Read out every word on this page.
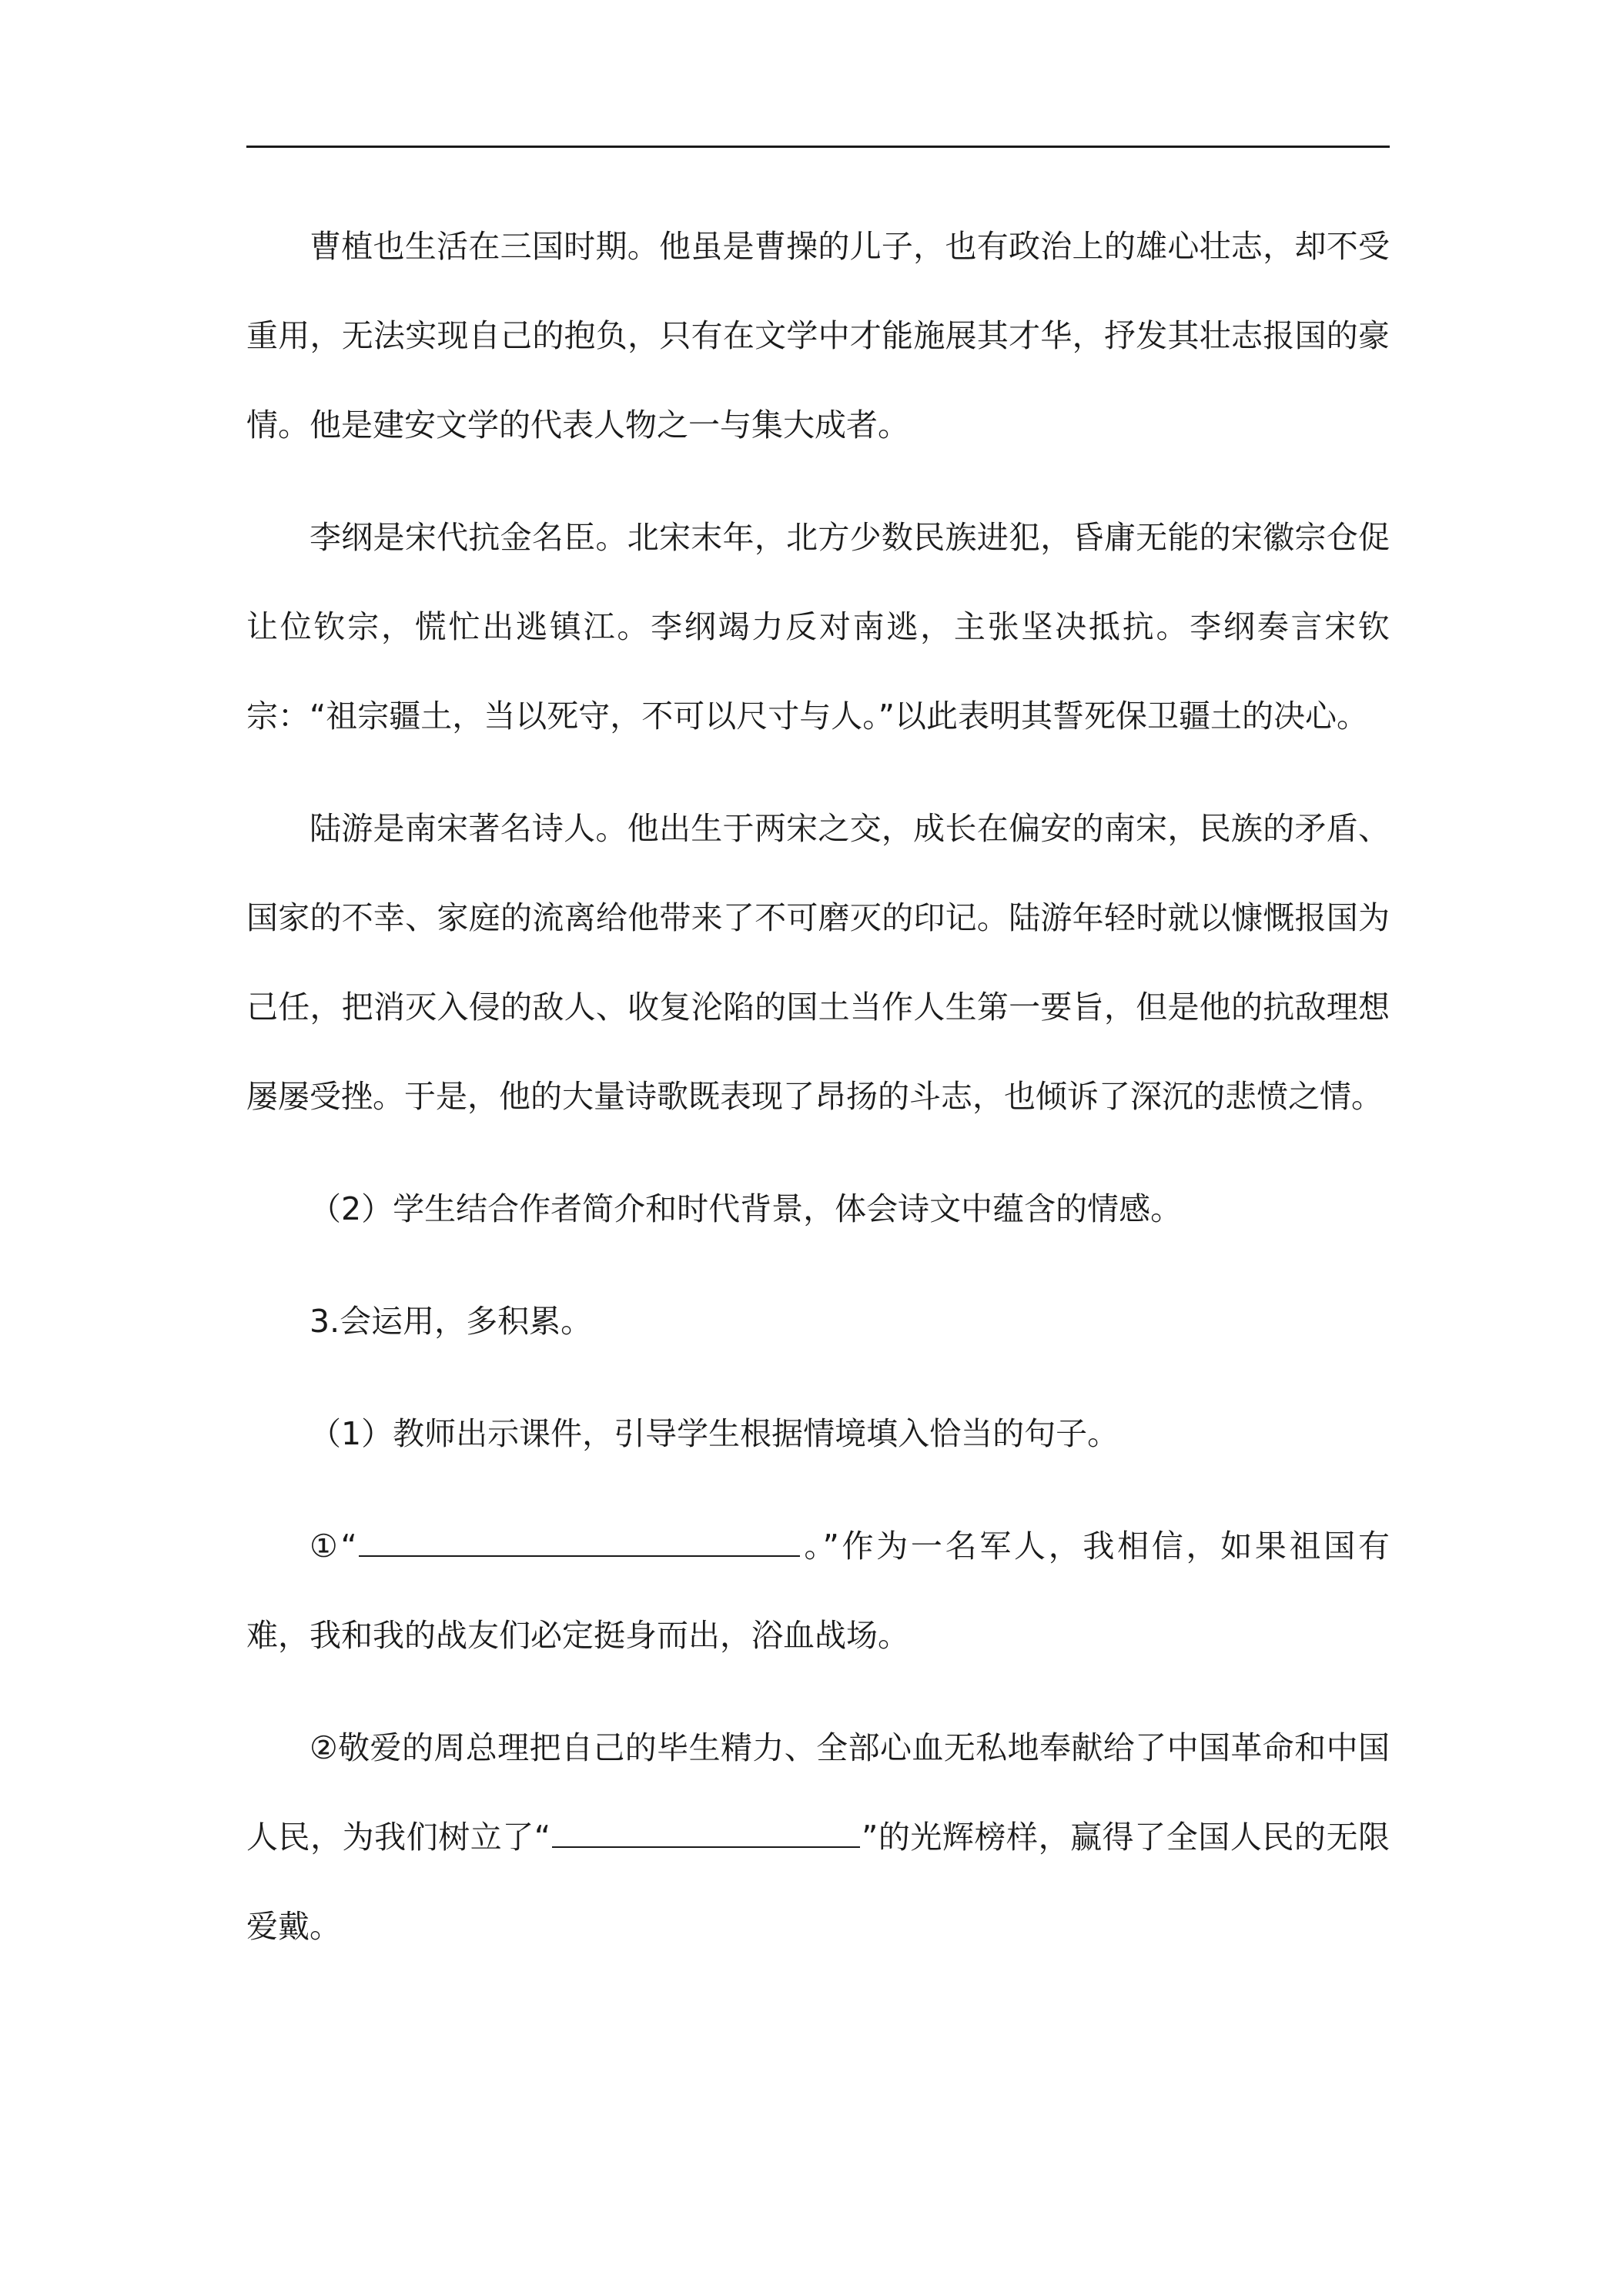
曹植也生活在三国时期。他虽是曹操的儿子，也有政治上的雄心壮志，却不受重用，无法实现自己的抱负，只有在文学中才能施展其才华，抒发其壮志报国的豪情。他是建安文学的代表人物之一与集大成者。

李纲是宋代抗金名臣。北宋末年，北方少数民族进犯，昏庸无能的宋徽宗仓促让位钦宗，慌忙出逃镇江。李纲竭力反对南逃，主张坚决抵抗。李纲奏言宋钦宗：“祖宗疆土，当以死守，不可以尺寸与人。”以此表明其誓死保卫疆土的决心。

陆游是南宋著名诗人。他出生于两宋之交，成长在偏安的南宋，民族的矛盾、国家的不幸、家庭的流离给他带来了不可磨灭的印记。陆游年轻时就以慷慨报国为己任，把消灭入侵的敌人、收复沦陷的国土当作人生第一要旨，但是他的抗敌理想屡屡受挫。于是，他的大量诗歌既表现了昂扬的斗志，也倾诉了深沉的悲愤之情。

（2）学生结合作者简介和时代背景，体会诗文中蕴含的情感。

3.会运用，多积累。

（1）教师出示课件，引导学生根据情境填入恰当的句子。

①“	。”作为一名军人，我相信，如果祖国有难，我和我的战友们必定挺身而出，浴血战场。

②敬爱的周总理把自己的毕生精力、全部心血无私地奉献给了中国革命和中国人民，为我们树立了“	”的光辉榜样，赢得了全国人民的无限爱戴。
